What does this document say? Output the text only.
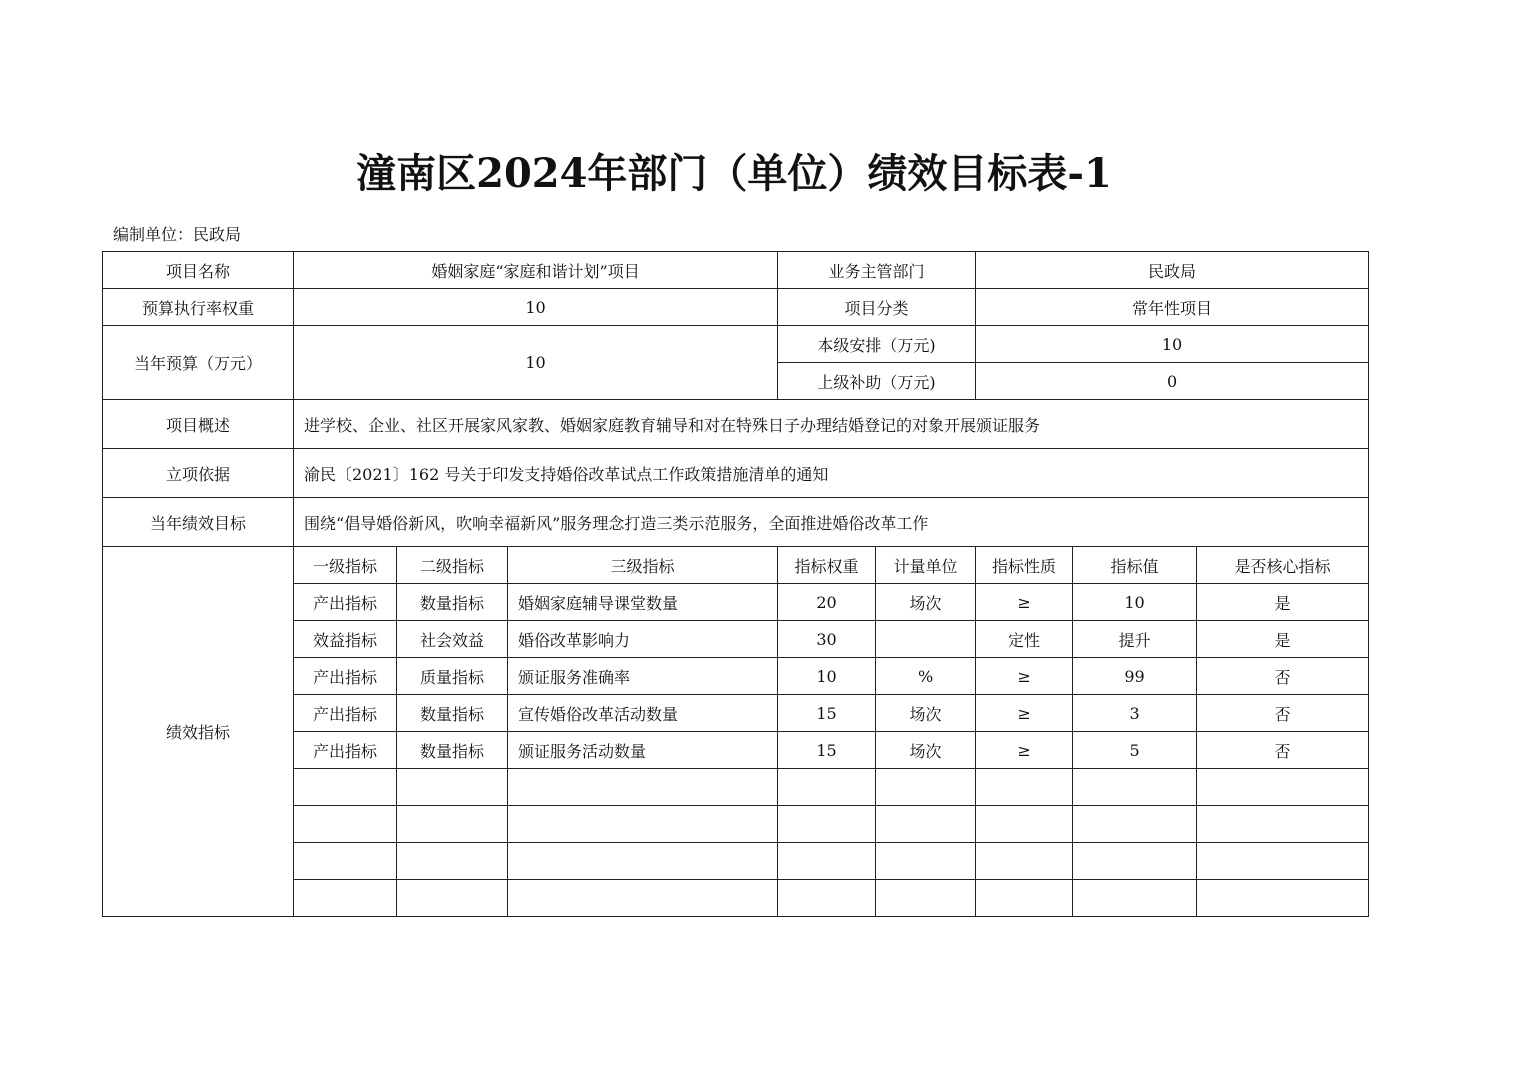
潼南区2024年部门（单位）绩效目标表-1
编制单位：民政局
项目名称	婚姻家庭“家庭和谐计划”项目			业务主管部门		民政局		
预算执行率权重	10			项目分类		常年性项目		
当年预算（万元）	10			本级安排（万元)		10		
				上级补助（万元)		0		
项目概述	进学校、企业、社区开展家风家教、婚姻家庭教育辅导和对在特殊日子办理结婚登记的对象开展颁证服务							
立项依据	渝民〔2021〕162 号关于印发支持婚俗改革试点工作政策措施清单的通知							
当年绩效目标	围绕“倡导婚俗新风，吹响幸福新风”服务理念打造三类示范服务，全面推进婚俗改革工作							
绩效指标	一级指标	二级指标	三级指标	指标权重	计量单位	指标性质	指标值	是否核心指标
	产出指标	数量指标	婚姻家庭辅导课堂数量	20	场次	≥	10	是
	效益指标	社会效益	婚俗改革影响力	30		定性	提升	是
	产出指标	质量指标	颁证服务准确率	10	%	≥	99	否
	产出指标	数量指标	宣传婚俗改革活动数量	15	场次	≥	3	否
	产出指标	数量指标	颁证服务活动数量	15	场次	≥	5	否
